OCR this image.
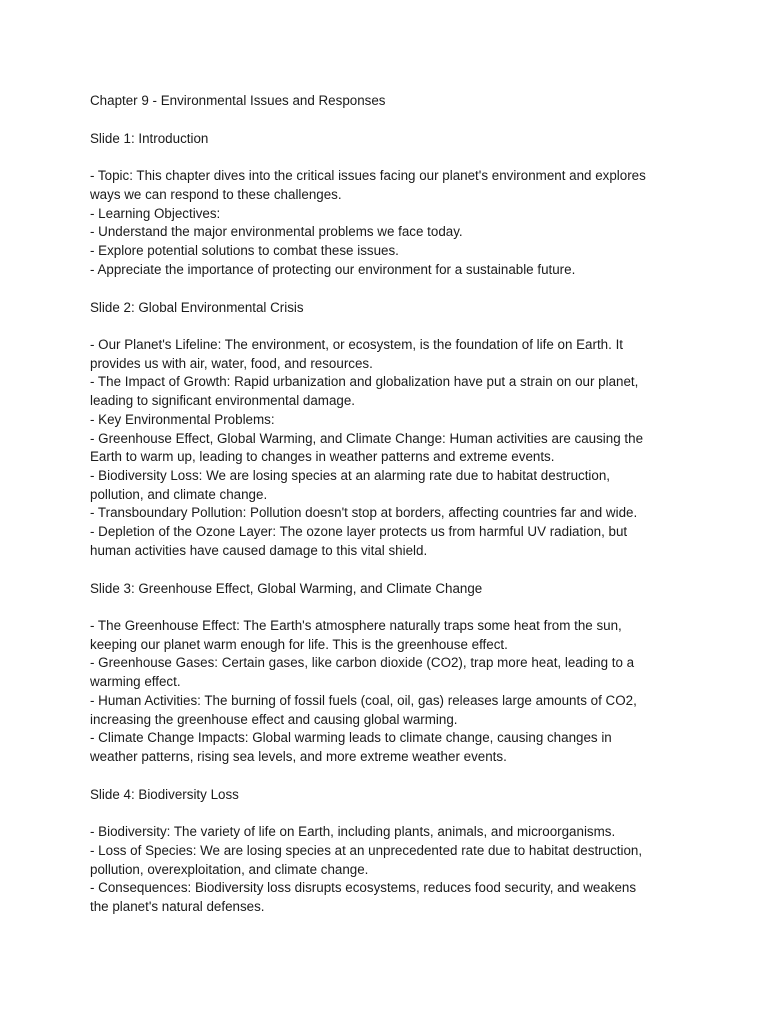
Chapter 9 - Environmental Issues and Responses
Slide 1: Introduction
- Topic: This chapter dives into the critical issues facing our planet's environment and explores
ways we can respond to these challenges.
- Learning Objectives:
- Understand the major environmental problems we face today.
- Explore potential solutions to combat these issues.
- Appreciate the importance of protecting our environment for a sustainable future.
Slide 2: Global Environmental Crisis
- Our Planet's Lifeline: The environment, or ecosystem, is the foundation of life on Earth. It
provides us with air, water, food, and resources.
- The Impact of Growth: Rapid urbanization and globalization have put a strain on our planet,
leading to significant environmental damage.
- Key Environmental Problems:
- Greenhouse Effect, Global Warming, and Climate Change: Human activities are causing the
Earth to warm up, leading to changes in weather patterns and extreme events.
- Biodiversity Loss: We are losing species at an alarming rate due to habitat destruction,
pollution, and climate change.
- Transboundary Pollution: Pollution doesn't stop at borders, affecting countries far and wide.
- Depletion of the Ozone Layer: The ozone layer protects us from harmful UV radiation, but
human activities have caused damage to this vital shield.
Slide 3: Greenhouse Effect, Global Warming, and Climate Change
- The Greenhouse Effect: The Earth's atmosphere naturally traps some heat from the sun,
keeping our planet warm enough for life. This is the greenhouse effect.
- Greenhouse Gases: Certain gases, like carbon dioxide (CO2), trap more heat, leading to a
warming effect.
- Human Activities: The burning of fossil fuels (coal, oil, gas) releases large amounts of CO2,
increasing the greenhouse effect and causing global warming.
- Climate Change Impacts: Global warming leads to climate change, causing changes in
weather patterns, rising sea levels, and more extreme weather events.
Slide 4: Biodiversity Loss
- Biodiversity: The variety of life on Earth, including plants, animals, and microorganisms.
- Loss of Species: We are losing species at an unprecedented rate due to habitat destruction,
pollution, overexploitation, and climate change.
- Consequences: Biodiversity loss disrupts ecosystems, reduces food security, and weakens
the planet's natural defenses.
